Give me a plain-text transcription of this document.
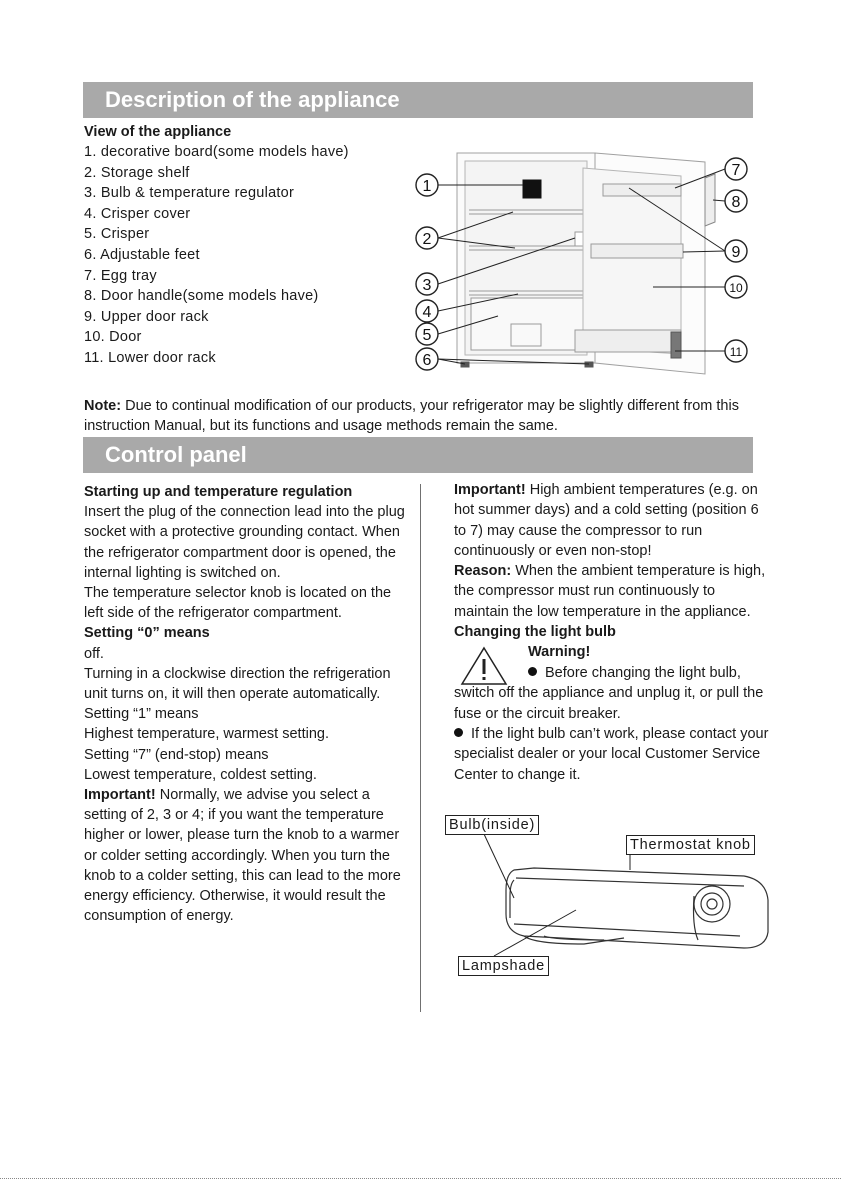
Description of the appliance
View of the appliance
1. decorative board(some models have)
2. Storage shelf
3. Bulb & temperature regulator
4. Crisper cover
5. Crisper
6. Adjustable feet
7. Egg tray
8. Door handle(some models have)
9. Upper door rack
10. Door
11. Lower door rack
1
2
3
4
5
6
7
8
9
10
11
Note: Due to continual modification of our products, your refrigerator may be slightly different from this instruction Manual, but its functions and usage methods remain the same.
Control panel

Starting up and temperature regulation

Insert the plug of the connection lead into the plug socket with a protective grounding contact. When the refrigerator compartment door is opened, the internal lighting is switched on.

The temperature selector knob is located on the left side of the refrigerator compartment.

Setting “0” means

off.

Turning in a clockwise direction the refrigeration unit turns on, it will then operate automatically.

Setting “1” means

Highest temperature, warmest setting.

Setting “7” (end-stop) means

Lowest temperature, coldest setting.

Important! Normally, we advise you select a setting of 2, 3 or 4; if you want the temperature higher or lower, please turn the knob to a warmer or colder setting accordingly. When you turn the knob to a colder setting, this can lead to the more energy efficiency. Otherwise, it would result the consumption of energy.

Important! High ambient temperatures (e.g. on hot summer days) and a cold setting (position 6 to 7) may cause the compressor to run continuously or even non-stop!

Reason: When the ambient temperature is high, the compressor must run continuously to maintain the low temperature in the appliance.

Changing the light bulb

Warning!
Before changing the light bulb,

switch off the appliance and unplug it, or pull the fuse or the circuit breaker.

If the light bulb can’t work, please contact your specialist dealer or your local Customer Service Center to change it.

Bulb(inside)
Thermostat knob
Lampshade
